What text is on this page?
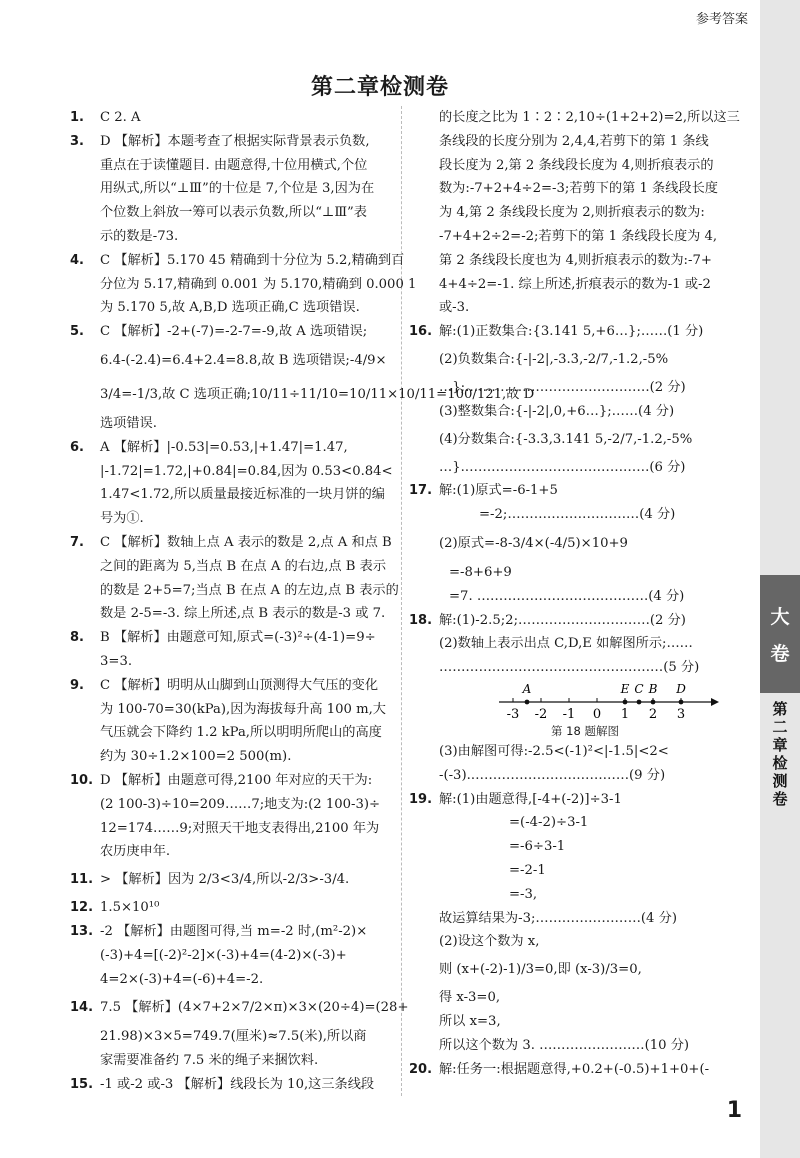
参考答案
第二章检测卷
1. C 2. A
3. D 【解析】本题考查了根据实际背景表示负数,
重点在于读懂题目. 由题意得,十位用横式,个位
用纵式,所以“⊥Ⅲ”的十位是 7,个位是 3,因为在
个位数上斜放一筹可以表示负数,所以“⊥Ⅲ”表
示的数是-73.
4. C 【解析】5.170 45 精确到十分位为 5.2,精确到百
分位为 5.17,精确到 0.001 为 5.170,精确到 0.000 1
为 5.170 5,故 A,B,D 选项正确,C 选项错误.
5. C 【解析】-2+(-7)=-2-7=-9,故 A 选项错误;
6.4-(-2.4)=6.4+2.4=8.8,故 B 选项错误;-4/9×
3/4=-1/3,故 C 选项正确;10/11÷11/10=10/11×10/11=100/121,故 D
选项错误.
6. A 【解析】|-0.53|=0.53,|+1.47|=1.47,
|-1.72|=1.72,|+0.84|=0.84,因为 0.53<0.84<
1.47<1.72,所以质量最接近标准的一块月饼的编
号为①.
7. C 【解析】数轴上点 A 表示的数是 2,点 A 和点 B
之间的距离为 5,当点 B 在点 A 的右边,点 B 表示
的数是 2+5=7;当点 B 在点 A 的左边,点 B 表示的
数是 2-5=-3. 综上所述,点 B 表示的数是-3 或 7.
8. B 【解析】由题意可知,原式=(-3)²÷(4-1)=9÷
3=3.
9. C 【解析】明明从山脚到山顶测得大气压的变化
为 100-70=30(kPa),因为海拔每升高 100 m,大
气压就会下降约 1.2 kPa,所以明明所爬山的高度
约为 30÷1.2×100=2 500(m).
10. D 【解析】由题意可得,2100 年对应的天干为:
(2 100-3)÷10=209……7;地支为:(2 100-3)÷
12=174……9;对照天干地支表得出,2100 年为
农历庚申年.
11. > 【解析】因为 2/3<3/4,所以-2/3>-3/4.
12. 1.5×10¹⁰
13. -2 【解析】由题图可得,当 m=-2 时,(m²-2)×
(-3)+4=[(-2)²-2]×(-3)+4=(4-2)×(-3)+
4=2×(-3)+4=(-6)+4=-2.
14. 7.5 【解析】(4×7+2×7/2×π)×3×(20÷4)=(28+
21.98)×3×5=749.7(厘米)≈7.5(米),所以商
家需要准备约 7.5 米的绳子来捆饮料.
15. -1 或-2 或-3 【解析】线段长为 10,这三条线段
的长度之比为 1∶2∶2,10÷(1+2+2)=2,所以这三
条线段的长度分别为 2,4,4,若剪下的第 1 条线
段长度为 2,第 2 条线段长度为 4,则折痕表示的
数为:-7+2+4÷2=-3;若剪下的第 1 条线段长度
为 4,第 2 条线段长度为 2,则折痕表示的数为:
-7+4+2÷2=-2;若剪下的第 1 条线段长度为 4,
第 2 条线段长度也为 4,则折痕表示的数为:-7+
4+4÷2=-1. 综上所述,折痕表示的数为-1 或-2
或-3.
16. 解:(1)正数集合:{3.141 5,+6…};……(1 分)
(2)负数集合:{-|-2|,-3.3̇,-2/7,-1.2,-5%
…};……………………………………(2 分)
(3)整数集合:{-|-2|,0,+6…};……(4 分)
(4)分数集合:{-3.3̇,3.141 5,-2/7,-1.2,-5%
…}.……………………………………(6 分)
17. 解:(1)原式=-6-1+5
=-2;…………………………(4 分)
(2)原式=-8-3/4×(-4/5)×10+9
=-8+6+9
=7. …………………………………(4 分)
18. 解:(1)-2.5;2;…………………………(2 分)
(2)数轴上表示出点 C,D,E 如解图所示;……
……………………………………………(5 分)
-3 -2 -1 0 1 2 3
A	E C B D
第 18 题解图
(3)由解图可得:-2.5<(-1)²<|-1.5|<2<
-(-3).………………………………(9 分)
19. 解:(1)由题意得,[-4+(-2)]÷3-1
=(-4-2)÷3-1
=-6÷3-1
=-2-1
=-3,
故运算结果为-3;……………………(4 分)
(2)设这个数为 x,
则 (x+(-2)-1)/3=0,即 (x-3)/3=0,
得 x-3=0,
所以 x=3,
所以这个数为 3. ……………………(10 分)
20. 解:任务一:根据题意得,+0.2+(-0.5)+1+0+(-
大
卷
第
二
章
检
测
卷
1
